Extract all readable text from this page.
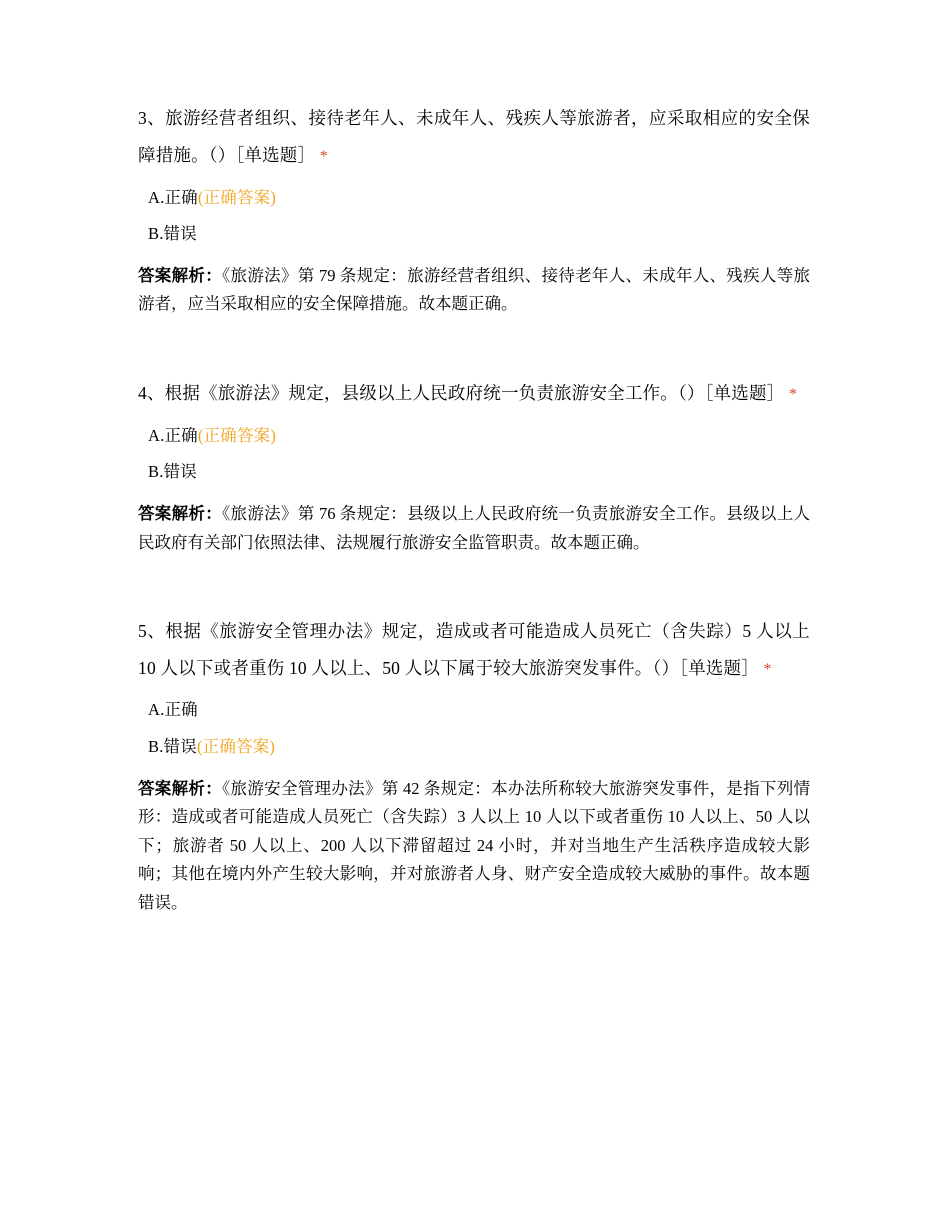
3、旅游经营者组织、接待老年人、未成年人、残疾人等旅游者，应采取相应的安全保障措施。（）［单选题］ *

A.正确(正确答案)
B.错误

答案解析：《旅游法》第 79 条规定：旅游经营者组织、接待老年人、未成年人、残疾人等旅游者，应当采取相应的安全保障措施。故本题正确。

4、根据《旅游法》规定，县级以上人民政府统一负责旅游安全工作。（）［单选题］ *

A.正确(正确答案)
B.错误

答案解析：《旅游法》第 76 条规定：县级以上人民政府统一负责旅游安全工作。县级以上人民政府有关部门依照法律、法规履行旅游安全监管职责。故本题正确。

5、根据《旅游安全管理办法》规定，造成或者可能造成人员死亡（含失踪）5 人以上 10 人以下或者重伤 10 人以上、50 人以下属于较大旅游突发事件。（）［单选题］ *

A.正确
B.错误(正确答案)

答案解析：《旅游安全管理办法》第 42 条规定：本办法所称较大旅游突发事件，是指下列情形：造成或者可能造成人员死亡（含失踪）3 人以上 10 人以下或者重伤 10 人以上、50 人以下；旅游者 50 人以上、200 人以下滞留超过 24 小时，并对当地生产生活秩序造成较大影响；其他在境内外产生较大影响，并对旅游者人身、财产安全造成较大威胁的事件。故本题错误。
